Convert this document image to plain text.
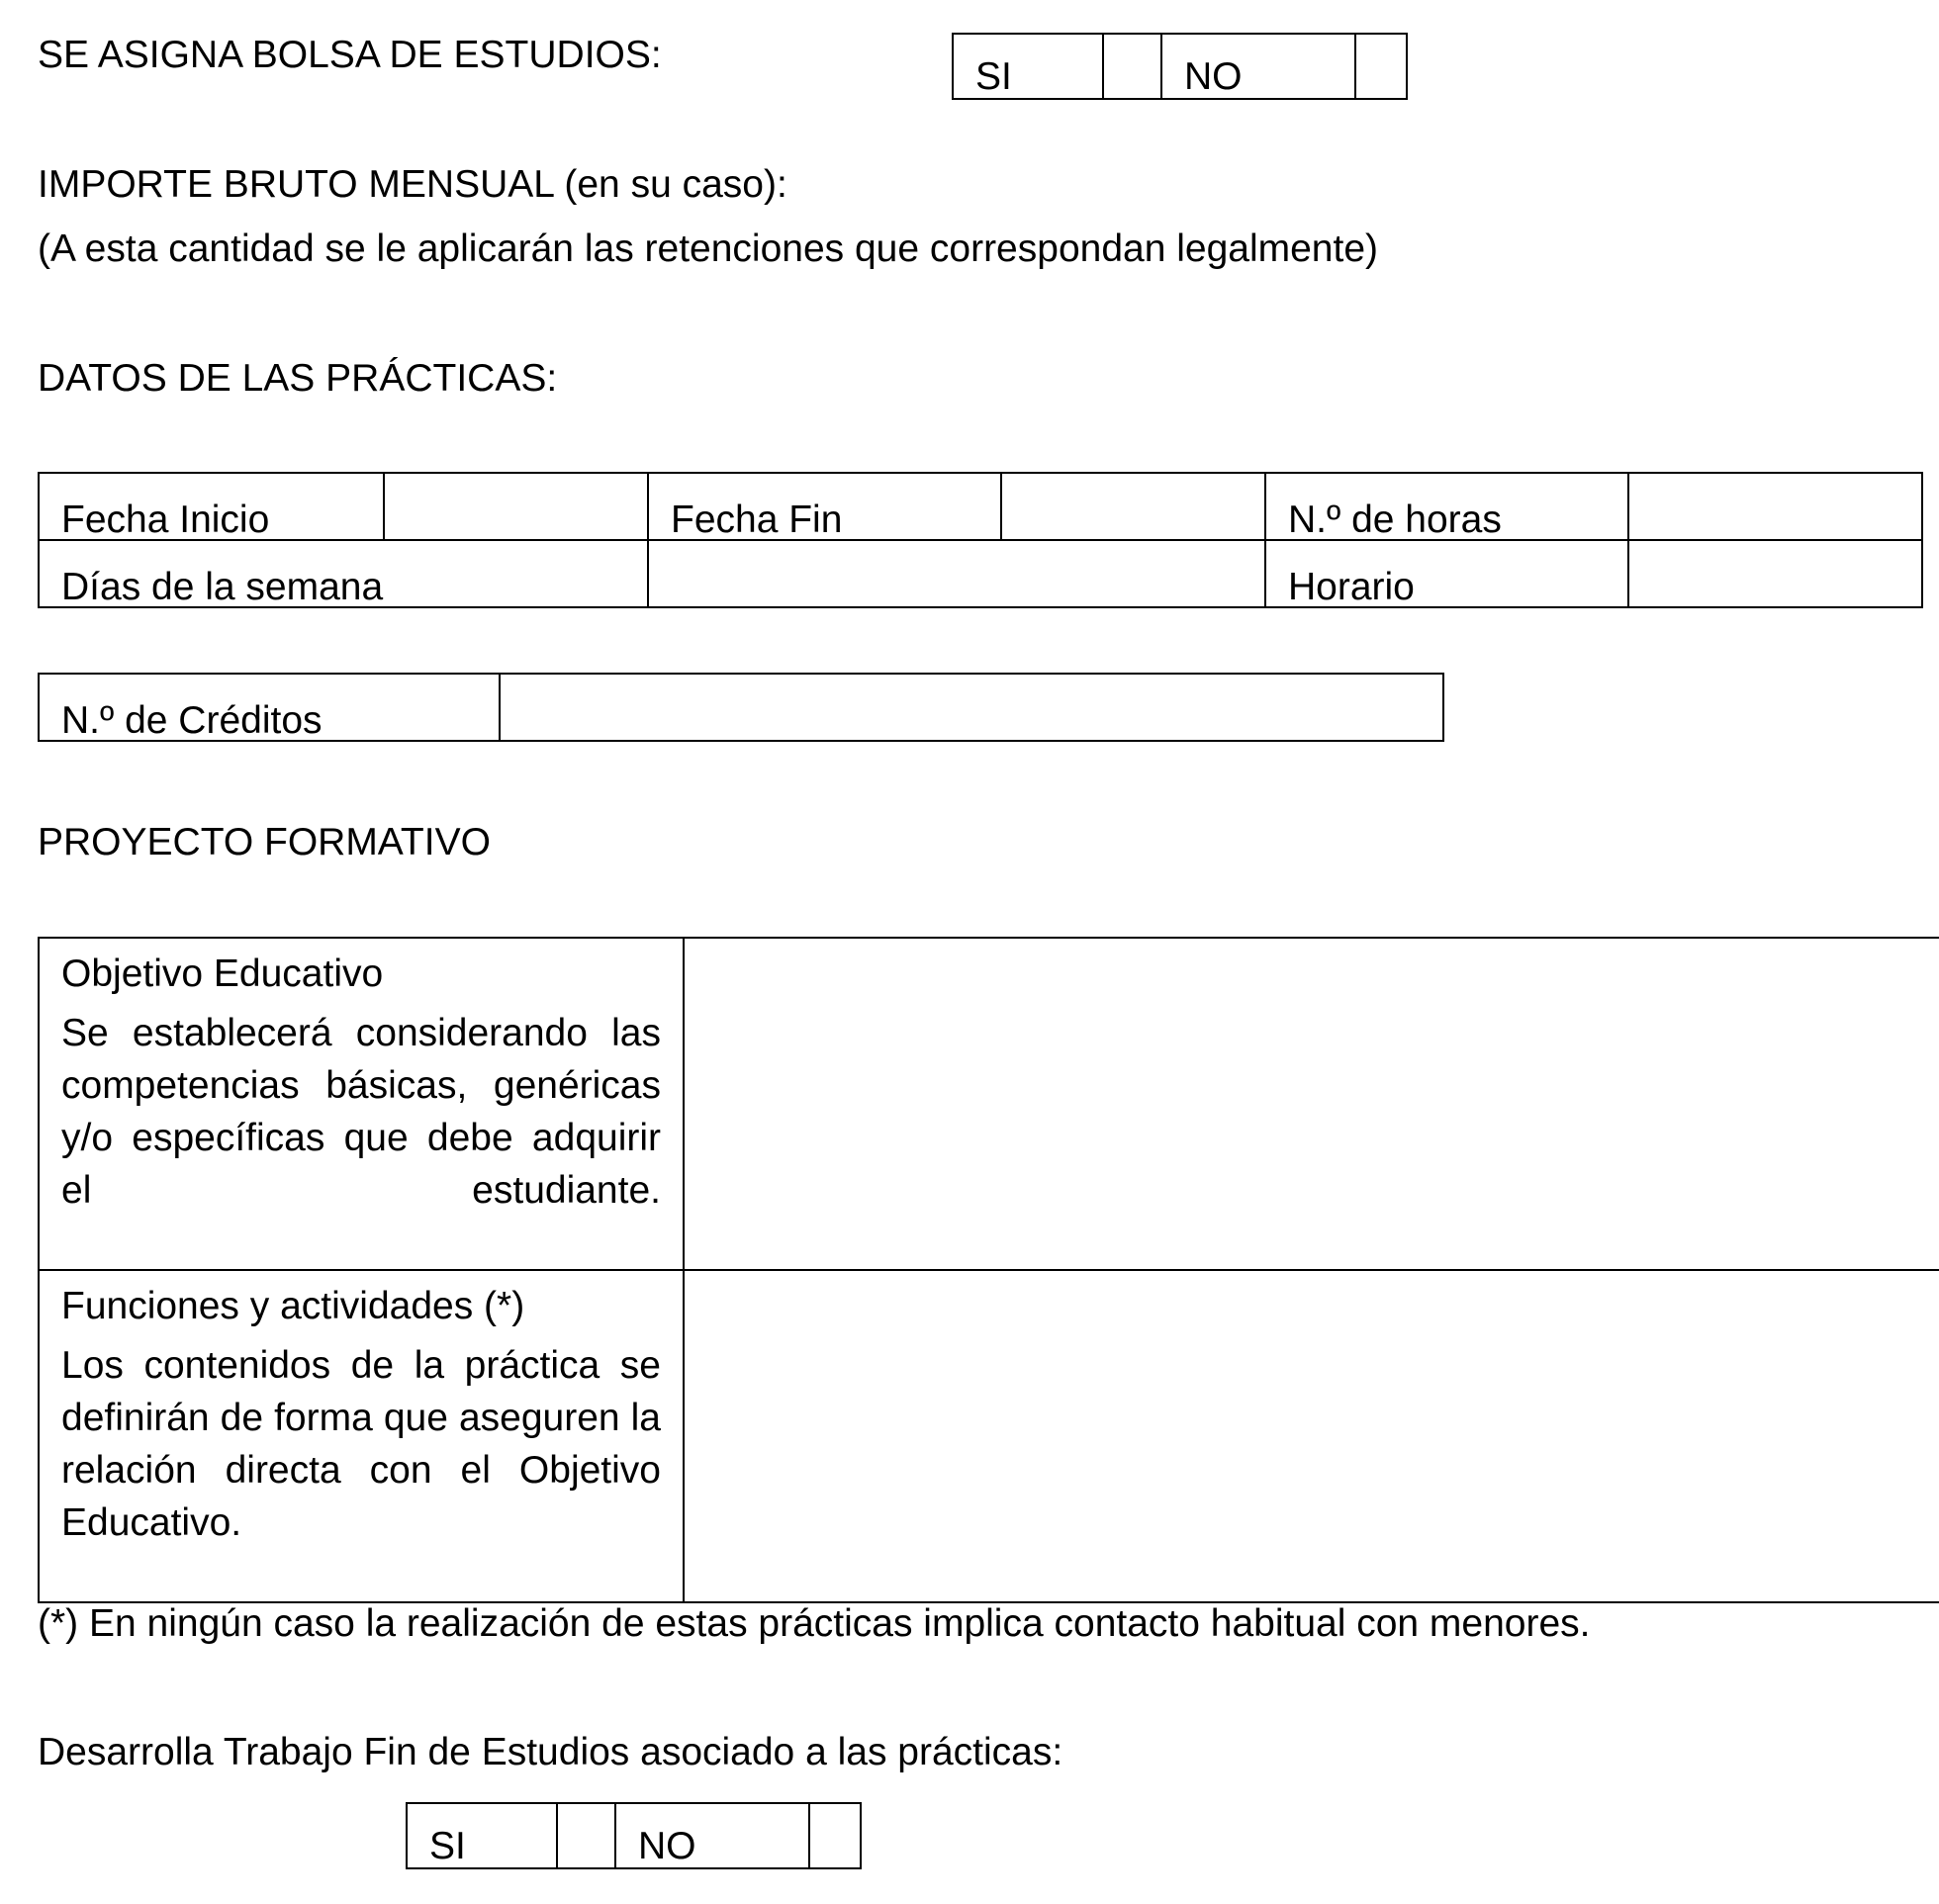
SE ASIGNA BOLSA DE ESTUDIOS:
SI		NO	
IMPORTE BRUTO MENSUAL (en su caso):
(A esta cantidad se le aplicarán las retenciones que correspondan legalmente)
DATOS DE LAS PRÁCTICAS:
Fecha Inicio		Fecha Fin		N.º de horas	
Días de la semana				Horario	
N.º de Créditos	
PROYECTO FORMATIVO
Objetivo Educativo
Se establecerá considerando las competencias básicas, genéricas y/o específicas que debe adquirir el estudiante.	

Funciones y actividades (*)
Los contenidos de la práctica se definirán de forma que aseguren la relación directa con el Objetivo Educativo.	

(*) En ningún caso la realización de estas prácticas implica contacto habitual con menores.
Desarrolla Trabajo Fin de Estudios asociado a las prácticas:
SI		NO	
